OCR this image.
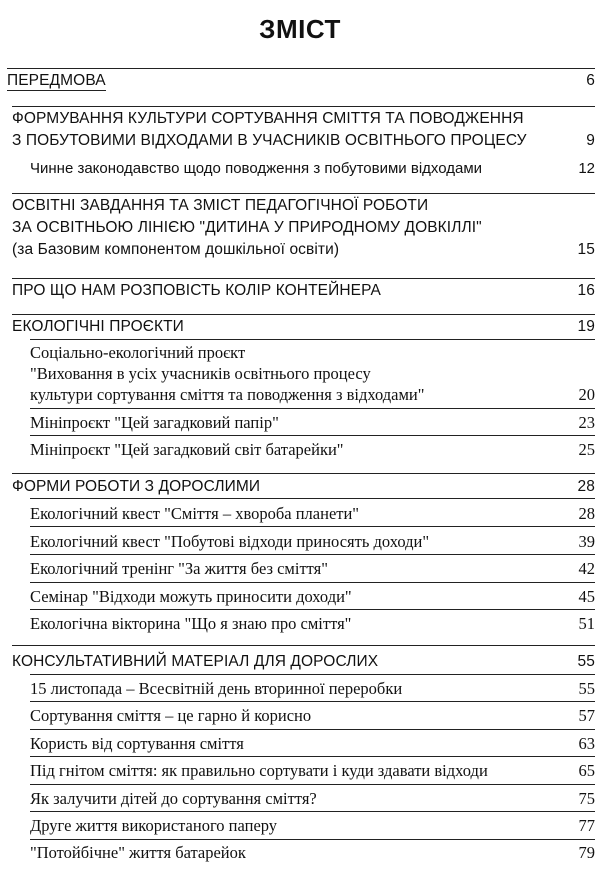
ЗМІСТ
ПЕРЕДМОВА	6
ФОРМУВАННЯ КУЛЬТУРИ СОРТУВАННЯ СМІТТЯ ТА ПОВОДЖЕННЯ
З ПОБУТОВИМИ ВІДХОДАМИ В УЧАСНИКІВ ОСВІТНЬОГО ПРОЦЕСУ	9
Чинне законодавство щодо поводження з побутовими відходами	12
ОСВІТНІ ЗАВДАННЯ ТА ЗМІСТ ПЕДАГОГІЧНОЇ РОБОТИ
ЗА ОСВІТНЬОЮ ЛІНІЄЮ "ДИТИНА У ПРИРОДНОМУ ДОВКІЛЛІ"
(за Базовим компонентом дошкільної освіти)	15
ПРО ЩО НАМ РОЗПОВІСТЬ КОЛІР КОНТЕЙНЕРА	16
ЕКОЛОГІЧНІ ПРОЄКТИ	19
Соціально-екологічний проєкт
"Виховання в усіх учасників освітнього процесу
культури сортування сміття та поводження з відходами"	20
Мініпроєкт "Цей загадковий папір"	23
Мініпроєкт "Цей загадковий світ батарейки"	25
ФОРМИ РОБОТИ З ДОРОСЛИМИ	28
Екологічний квест "Сміття – хвороба планети"	28
Екологічний квест "Побутові відходи приносять доходи"	39
Екологічний тренінг "За життя без сміття"	42
Семінар "Відходи можуть приносити доходи"	45
Екологічна вікторина "Що я знаю про сміття"	51
КОНСУЛЬТАТИВНИЙ МАТЕРІАЛ ДЛЯ ДОРОСЛИХ	55
15 листопада – Всесвітній день вторинної переробки	55
Сортування сміття – це гарно й корисно	57
Користь від сортування сміття	63
Під гнітом сміття: як правильно сортувати і куди здавати відходи	65
Як залучити дітей до сортування сміття?	75
Друге життя використаного паперу	77
"Потойбічне" життя батарейок	79
